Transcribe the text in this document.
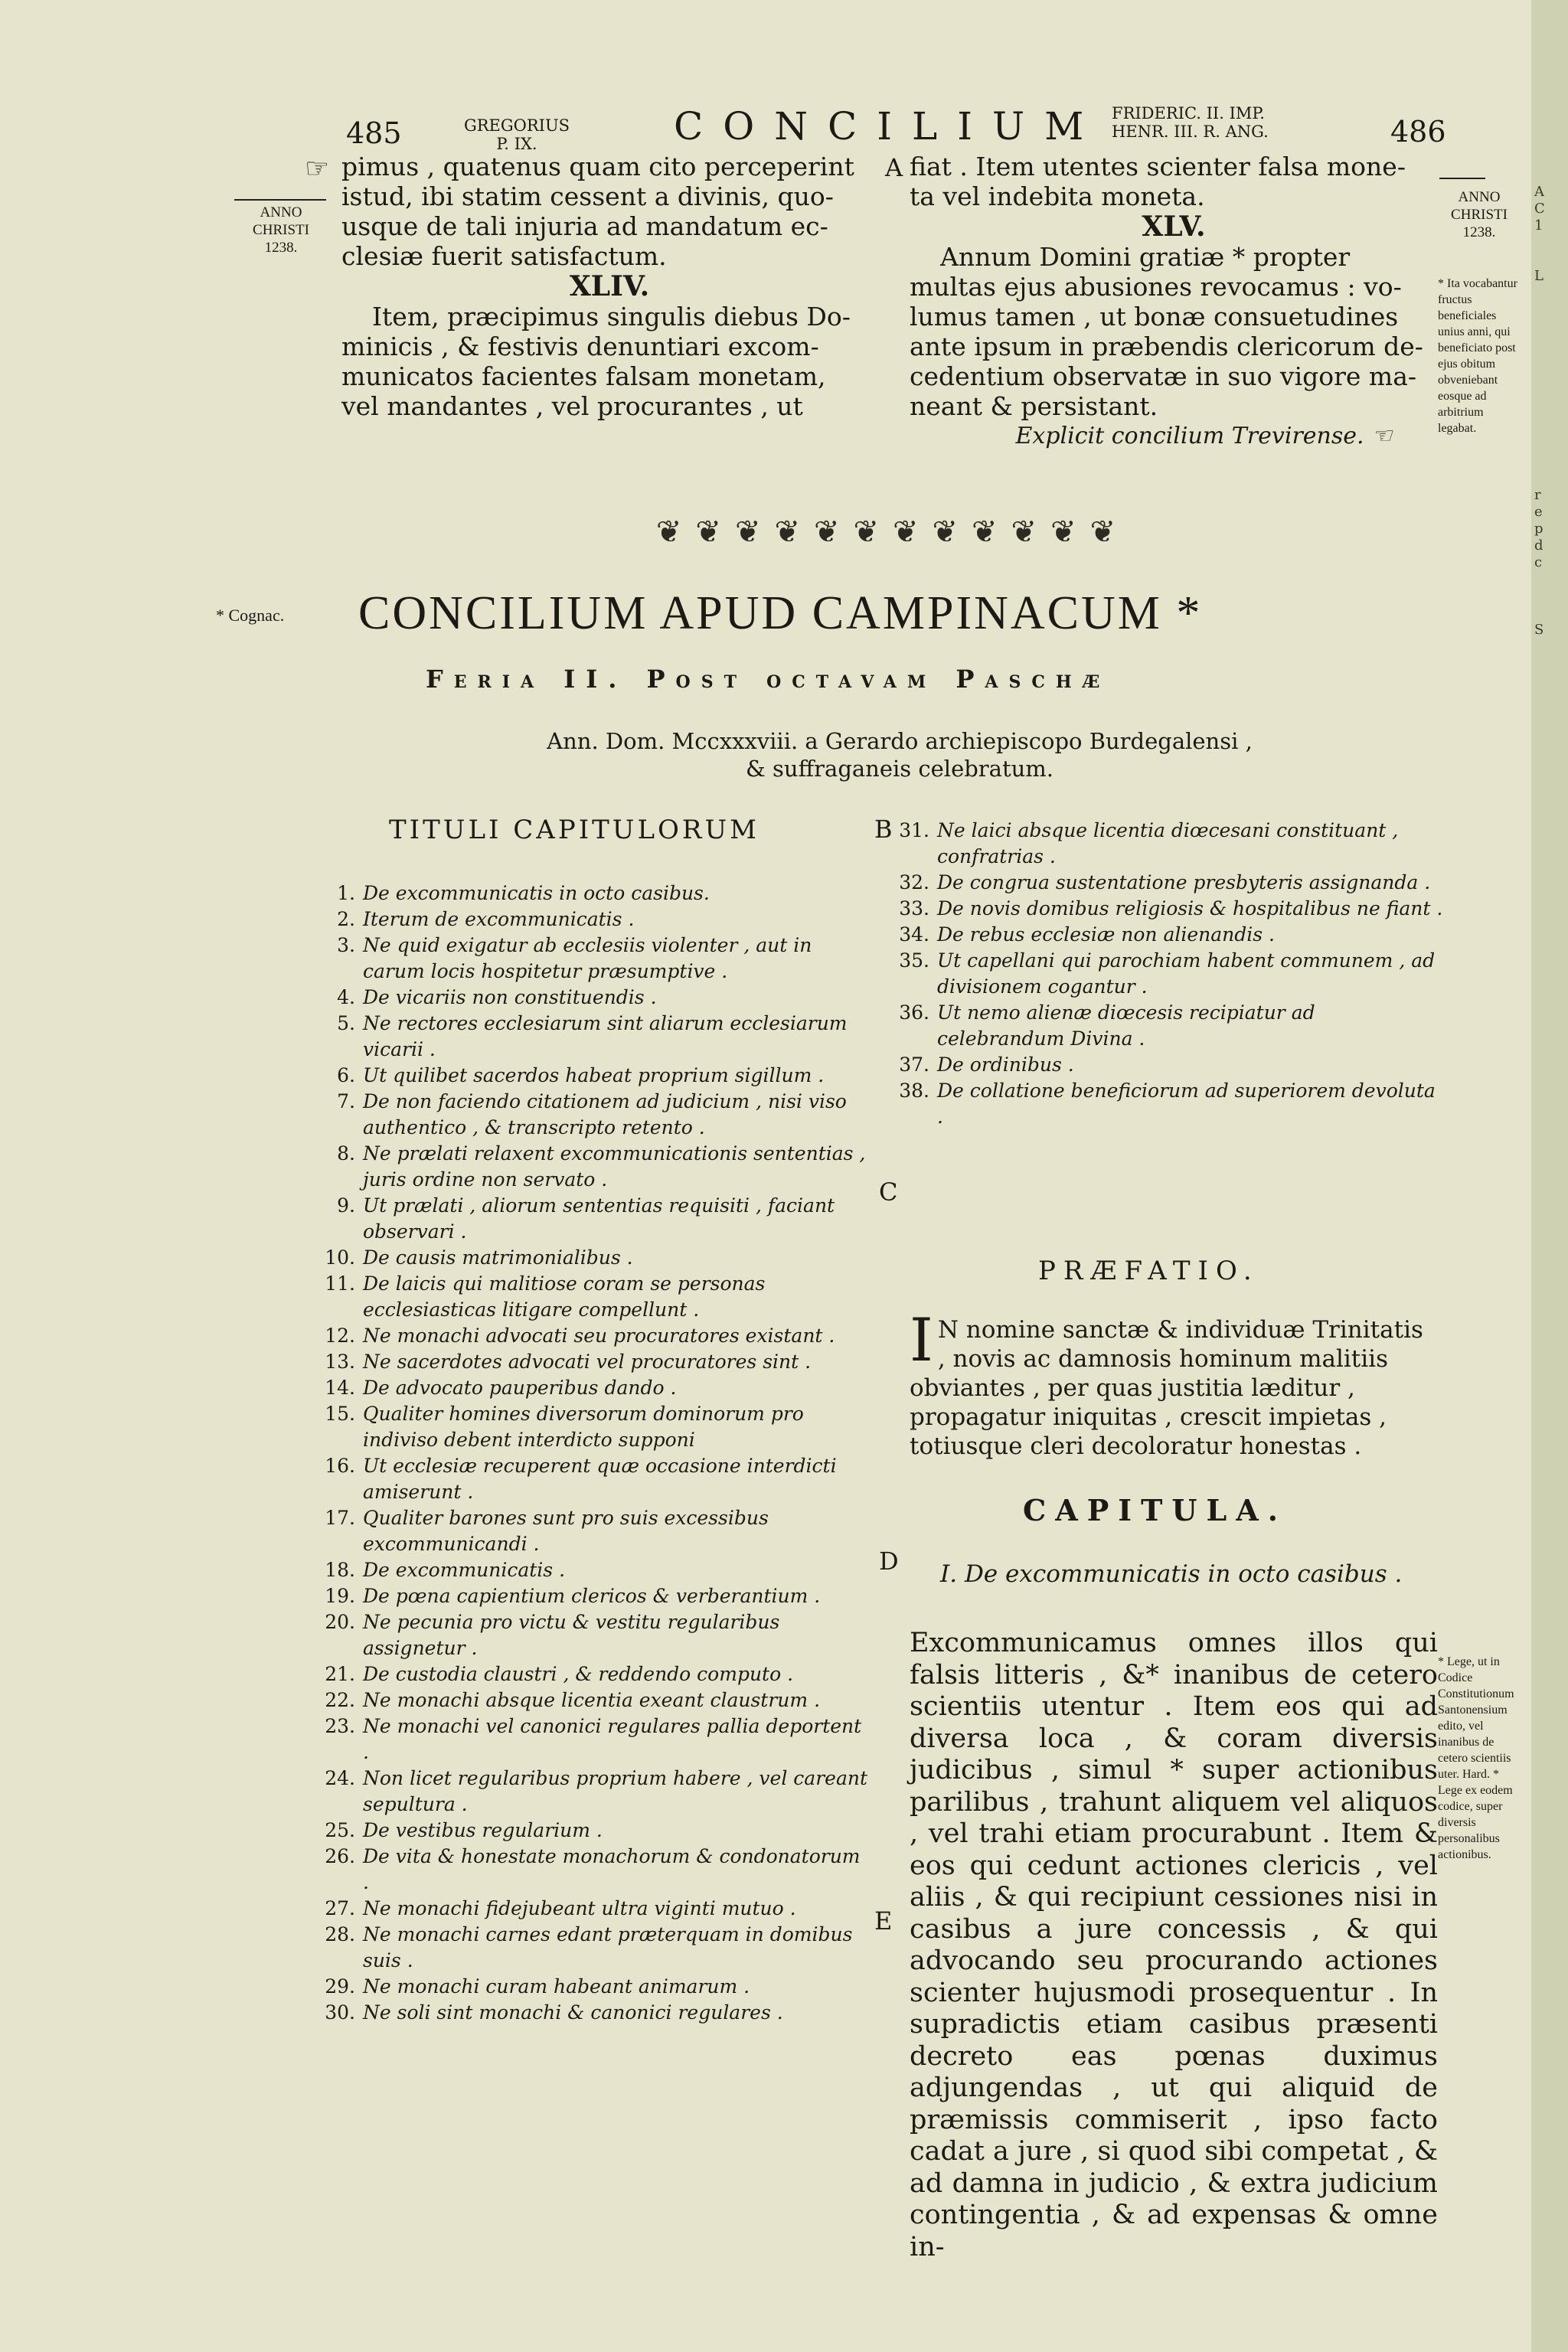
485	GREGORIUS
P. IX.	CONCILIUM FRIDERIC. II. IMP.
HENR. III. R. ANG.	486
☞
ANNO
CHRISTI
1238.

pimus , quatenus quam cito perceperint

istud, ibi statim cessent a divinis, quo-

usque de tali injuria ad mandatum ec-

clesiæ fuerit satisfactum.

XLIV.

Item, præcipimus singulis diebus Do-

minicis , & festivis denuntiari excom-

municatos facientes falsam monetam,

vel mandantes , vel procurantes , ut

A fiat . Item utentes scienter falsa mone-

ta vel indebita moneta.

XLV.

Annum Domini gratiæ * propter

multas ejus abusiones revocamus : vo-

lumus tamen , ut bonæ consuetudines

ante ipsum in præbendis clericorum de-

cedentium observatæ in suo vigore ma-

neant & persistant.

Explicit concilium Trevirense. ☜

ANNO
CHRISTI
1238.
* Ita vocabantur fructus beneficiales unius anni, qui beneficiato post ejus obitum obveniebant eosque ad arbitrium legabat.
❦❦❦❦❦❦❦❦❦❦❦❦
* Cognac. CONCILIUM APUD CAMPINACUM *
Feria II. Post octavam Paschæ
Ann. Dom. Mccxxxviii. a Gerardo archiepiscopo Burdegalensi ,
& suffraganeis celebratum.
TITULI CAPITULORUM
1. De excommunicatis in octo casibus.
2. Iterum de excommunicatis .
3. Ne quid exigatur ab ecclesiis violenter , aut in carum locis hospitetur præsumptive .
4. De vicariis non constituendis .
5. Ne rectores ecclesiarum sint aliarum ecclesiarum vicarii .
6. Ut quilibet sacerdos habeat proprium sigillum .
7. De non faciendo citationem ad judicium , nisi viso authentico , & transcripto retento .
8. Ne prælati relaxent excommunicationis sententias , juris ordine non servato .
9. Ut prælati , aliorum sententias requisiti , faciant observari .
10. De causis matrimonialibus .
11. De laicis qui malitiose coram se personas ecclesiasticas litigare compellunt .
12. Ne monachi advocati seu procuratores existant .
13. Ne sacerdotes advocati vel procuratores sint .
14. De advocato pauperibus dando .
15. Qualiter homines diversorum dominorum pro indiviso debent interdicto supponi
16. Ut ecclesiæ recuperent quæ occasione interdicti amiserunt .
17. Qualiter barones sunt pro suis excessibus excommunicandi .
18. De excommunicatis .
19. De pœna capientium clericos & verberantium .
20. Ne pecunia pro victu & vestitu regularibus assignetur .
21. De custodia claustri , & reddendo computo .
22. Ne monachi absque licentia exeant claustrum .
23. Ne monachi vel canonici regulares pallia deportent .
24. Non licet regularibus proprium habere , vel careant sepultura .
25. De vestibus regularium .
26. De vita & honestate monachorum & condonatorum .
27. Ne monachi fidejubeant ultra viginti mutuo .
28. Ne monachi carnes edant præterquam in domibus suis .
29. Ne monachi curam habeant animarum .
30. Ne soli sint monachi & canonici regulares .
B
C
D
E
31. Ne laici absque licentia diœcesani constituant , confratrias .
32. De congrua sustentatione presbyteris assignanda .
33. De novis domibus religiosis & hospitalibus ne fiant .
34. De rebus ecclesiæ non alienandis .
35. Ut capellani qui parochiam habent communem , ad divisionem cogantur .
36. Ut nemo alienæ diœcesis recipiatur ad celebrandum Divina .
37. De ordinibus .
38. De collatione beneficiorum ad superiorem devoluta .
PRÆFATIO.
I N nomine sanctæ & individuæ Trinitatis , novis ac damnosis hominum malitiis obviantes , per quas justitia læditur , propagatur iniquitas , crescit impietas , totiusque cleri decoloratur honestas .
CAPITULA.
I. De excommunicatis in octo casibus .
Excommunicamus omnes illos qui falsis litteris , &* inanibus de cetero scientiis utentur . Item eos qui ad diversa loca , & coram diversis judicibus , simul * super actionibus parilibus , trahunt aliquem vel aliquos , vel trahi etiam procurabunt . Item & eos qui cedunt actiones clericis , vel aliis , & qui recipiunt cessiones nisi in casibus a jure concessis , & qui advocando seu procurando actiones scienter hujusmodi prosequentur . In supradictis etiam casibus præsenti decreto eas pœnas duximus adjungendas , ut qui aliquid de præmissis commiserit , ipso facto cadat a jure , si quod sibi competat , & ad damna in judicio , & extra judicium contingentia , & ad expensas & omne in-
* Lege, ut in Codice Constitutionum Santonensium edito, vel inanibus de cetero scientiis uter. Hard. * Lege ex eodem codice, super diversis personalibus actionibus.
A
C
1

L

r
e
p
d
c

S
